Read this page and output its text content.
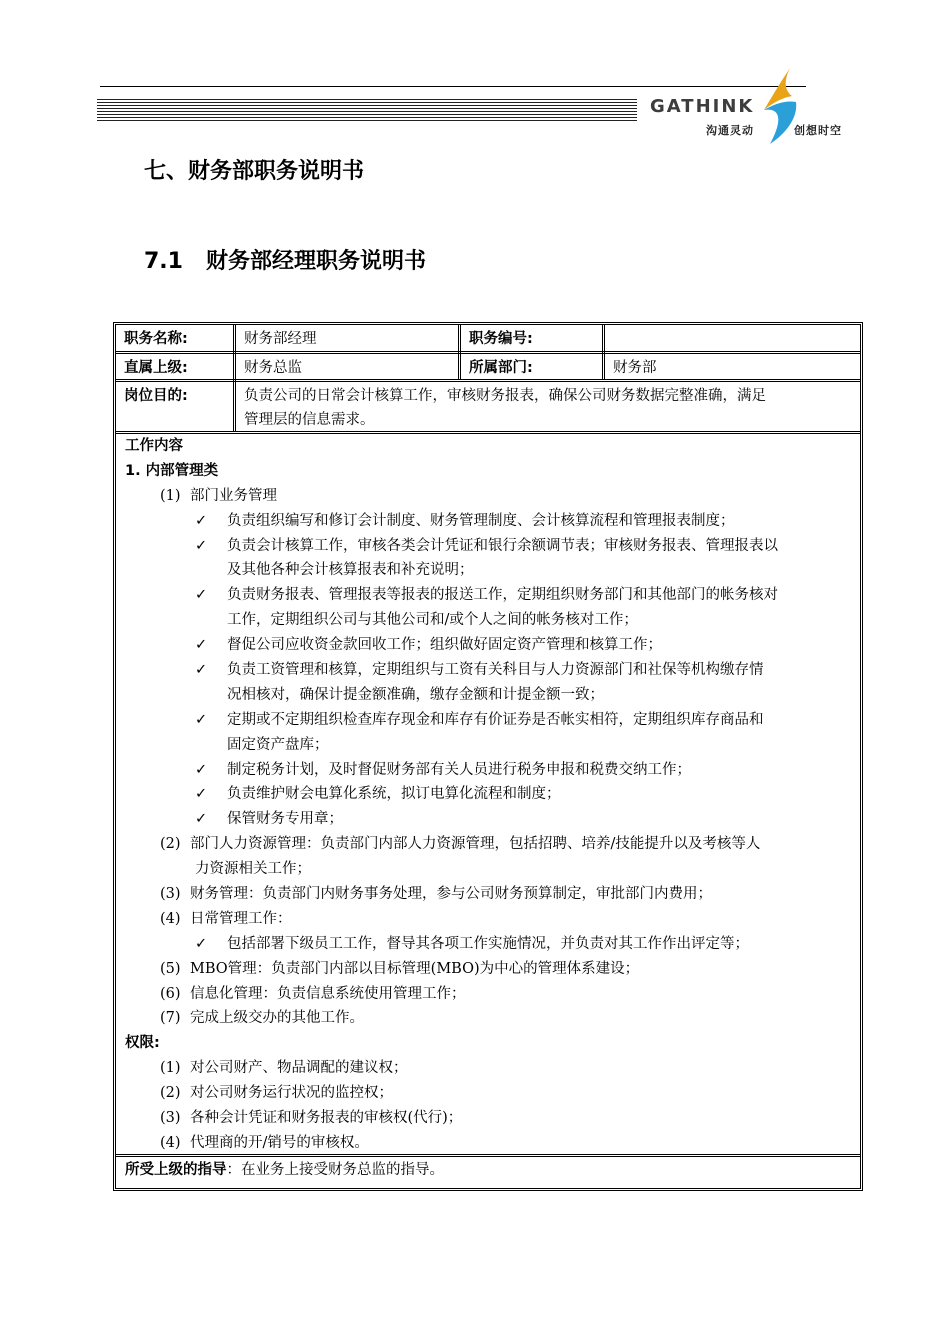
GATHINK
沟通灵动	创想时空
七、财务部职务说明书
7.1   财务部经理职务说明书
职务名称:	财务部经理	职务编号:
直属上级:	财务总监	所属部门:	财务部
岗位目的:	负责公司的日常会计核算工作，审核财务报表，确保公司财务数据完整准确，满足
管理层的信息需求。
工作内容
1. 内部管理类
(1) 部门业务管理
✓ 负责组织编写和修订会计制度、财务管理制度、会计核算流程和管理报表制度；
✓ 负责会计核算工作，审核各类会计凭证和银行余额调节表；审核财务报表、管理报表以
及其他各种会计核算报表和补充说明；
✓ 负责财务报表、管理报表等报表的报送工作，定期组织财务部门和其他部门的帐务核对
工作，定期组织公司与其他公司和/或个人之间的帐务核对工作；
✓ 督促公司应收资金款回收工作；组织做好固定资产管理和核算工作；
✓ 负责工资管理和核算，定期组织与工资有关科目与人力资源部门和社保等机构缴存情
况相核对，确保计提金额准确，缴存金额和计提金额一致；
✓ 定期或不定期组织检查库存现金和库存有价证券是否帐实相符，定期组织库存商品和
固定资产盘库；
✓ 制定税务计划，及时督促财务部有关人员进行税务申报和税费交纳工作；
✓ 负责维护财会电算化系统，拟订电算化流程和制度；
✓ 保管财务专用章；
(2) 部门人力资源管理：负责部门内部人力资源管理，包括招聘、培养/技能提升以及考核等人
力资源相关工作；
(3) 财务管理：负责部门内财务事务处理，参与公司财务预算制定，审批部门内费用；
(4) 日常管理工作：
✓ 包括部署下级员工工作，督导其各项工作实施情况，并负责对其工作作出评定等；
(5) MBO管理：负责部门内部以目标管理(MBO)为中心的管理体系建设；
(6) 信息化管理：负责信息系统使用管理工作；
(7) 完成上级交办的其他工作。
权限:
(1) 对公司财产、物品调配的建议权；
(2) 对公司财务运行状况的监控权；
(3) 各种会计凭证和财务报表的审核权(代行)；
(4) 代理商的开/销号的审核权。
所受上级的指导：在业务上接受财务总监的指导。
